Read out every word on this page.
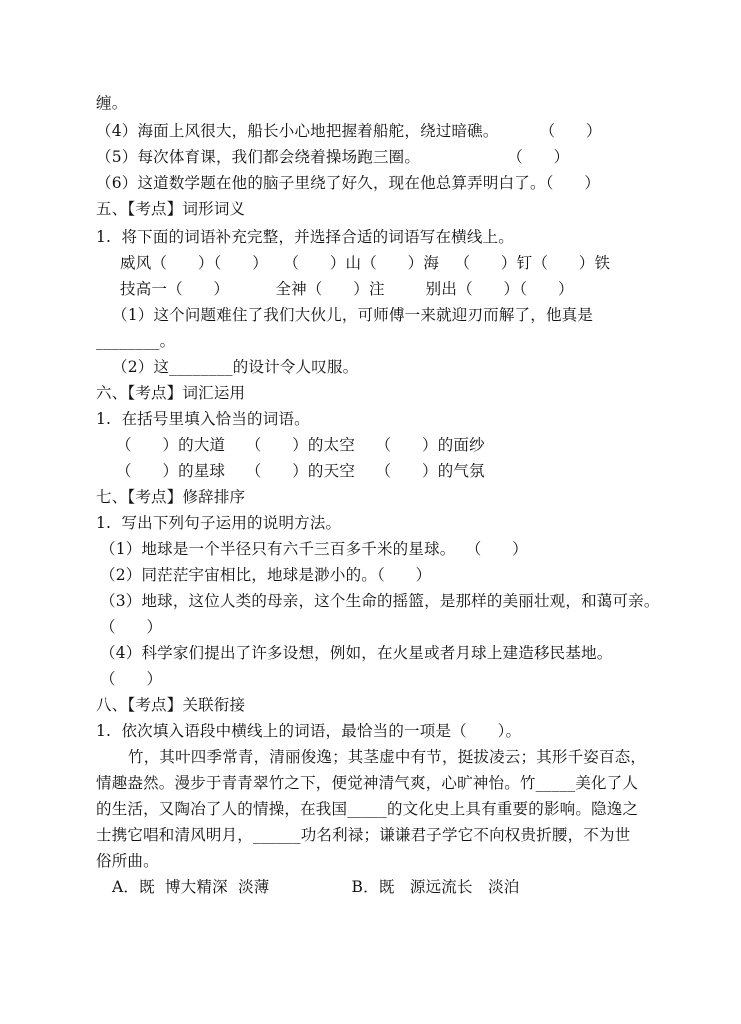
缠。
（4）海面上风很大，船长小心地把握着船舵，绕过暗礁。        （      ）
（5）每次体育课，我们都会绕着操场跑三圈。                 （      ）
（6）这道数学题在他的脑子里绕了好久，现在他总算弄明白了。（      ）
五、【考点】词形词义
1.  将下面的词语补充完整，并选择合适的词语写在横线上。
威风（      ）（      ）   （      ）山（      ）海   （      ）钉（      ）铁
技高一（      ）         全神（      ）注        别出（      ）（      ）
（1）这个问题难住了我们大伙儿，可师傅一来就迎刃而解了，他真是
________。
（2）这________的设计令人叹服。
六、【考点】词汇运用
1.  在括号里填入恰当的词语。
（      ）的大道    （      ）的太空    （      ）的面纱
（      ）的星球    （      ）的天空    （      ）的气氛
七、【考点】修辞排序
1.  写出下列句子运用的说明方法。
（1）地球是一个半径只有六千三百多千米的星球。  （      ）
（2）同茫茫宇宙相比，地球是渺小的。（      ）
（3）地球，这位人类的母亲，这个生命的摇篮，是那样的美丽壮观，和蔼可亲。
（      ）
（4）科学家们提出了许多设想，例如，在火星或者月球上建造移民基地。
（      ）
八、【考点】关联衔接
1.  依次填入语段中横线上的词语，最恰当的一项是（      ）。
竹，其叶四季常青，清丽俊逸；其茎虚中有节，挺拔凌云；其形千姿百态，
情趣盎然。漫步于青青翠竹之下，便觉神清气爽，心旷神怡。竹_____美化了人
的生活，又陶冶了人的情操，在我国_____的文化史上具有重要的影响。隐逸之
士携它唱和清风明月，______功名利禄；谦谦君子学它不向权贵折腰，不为世
俗所曲。
A．既  博大精深  淡薄                B．既   源远流长   淡泊
